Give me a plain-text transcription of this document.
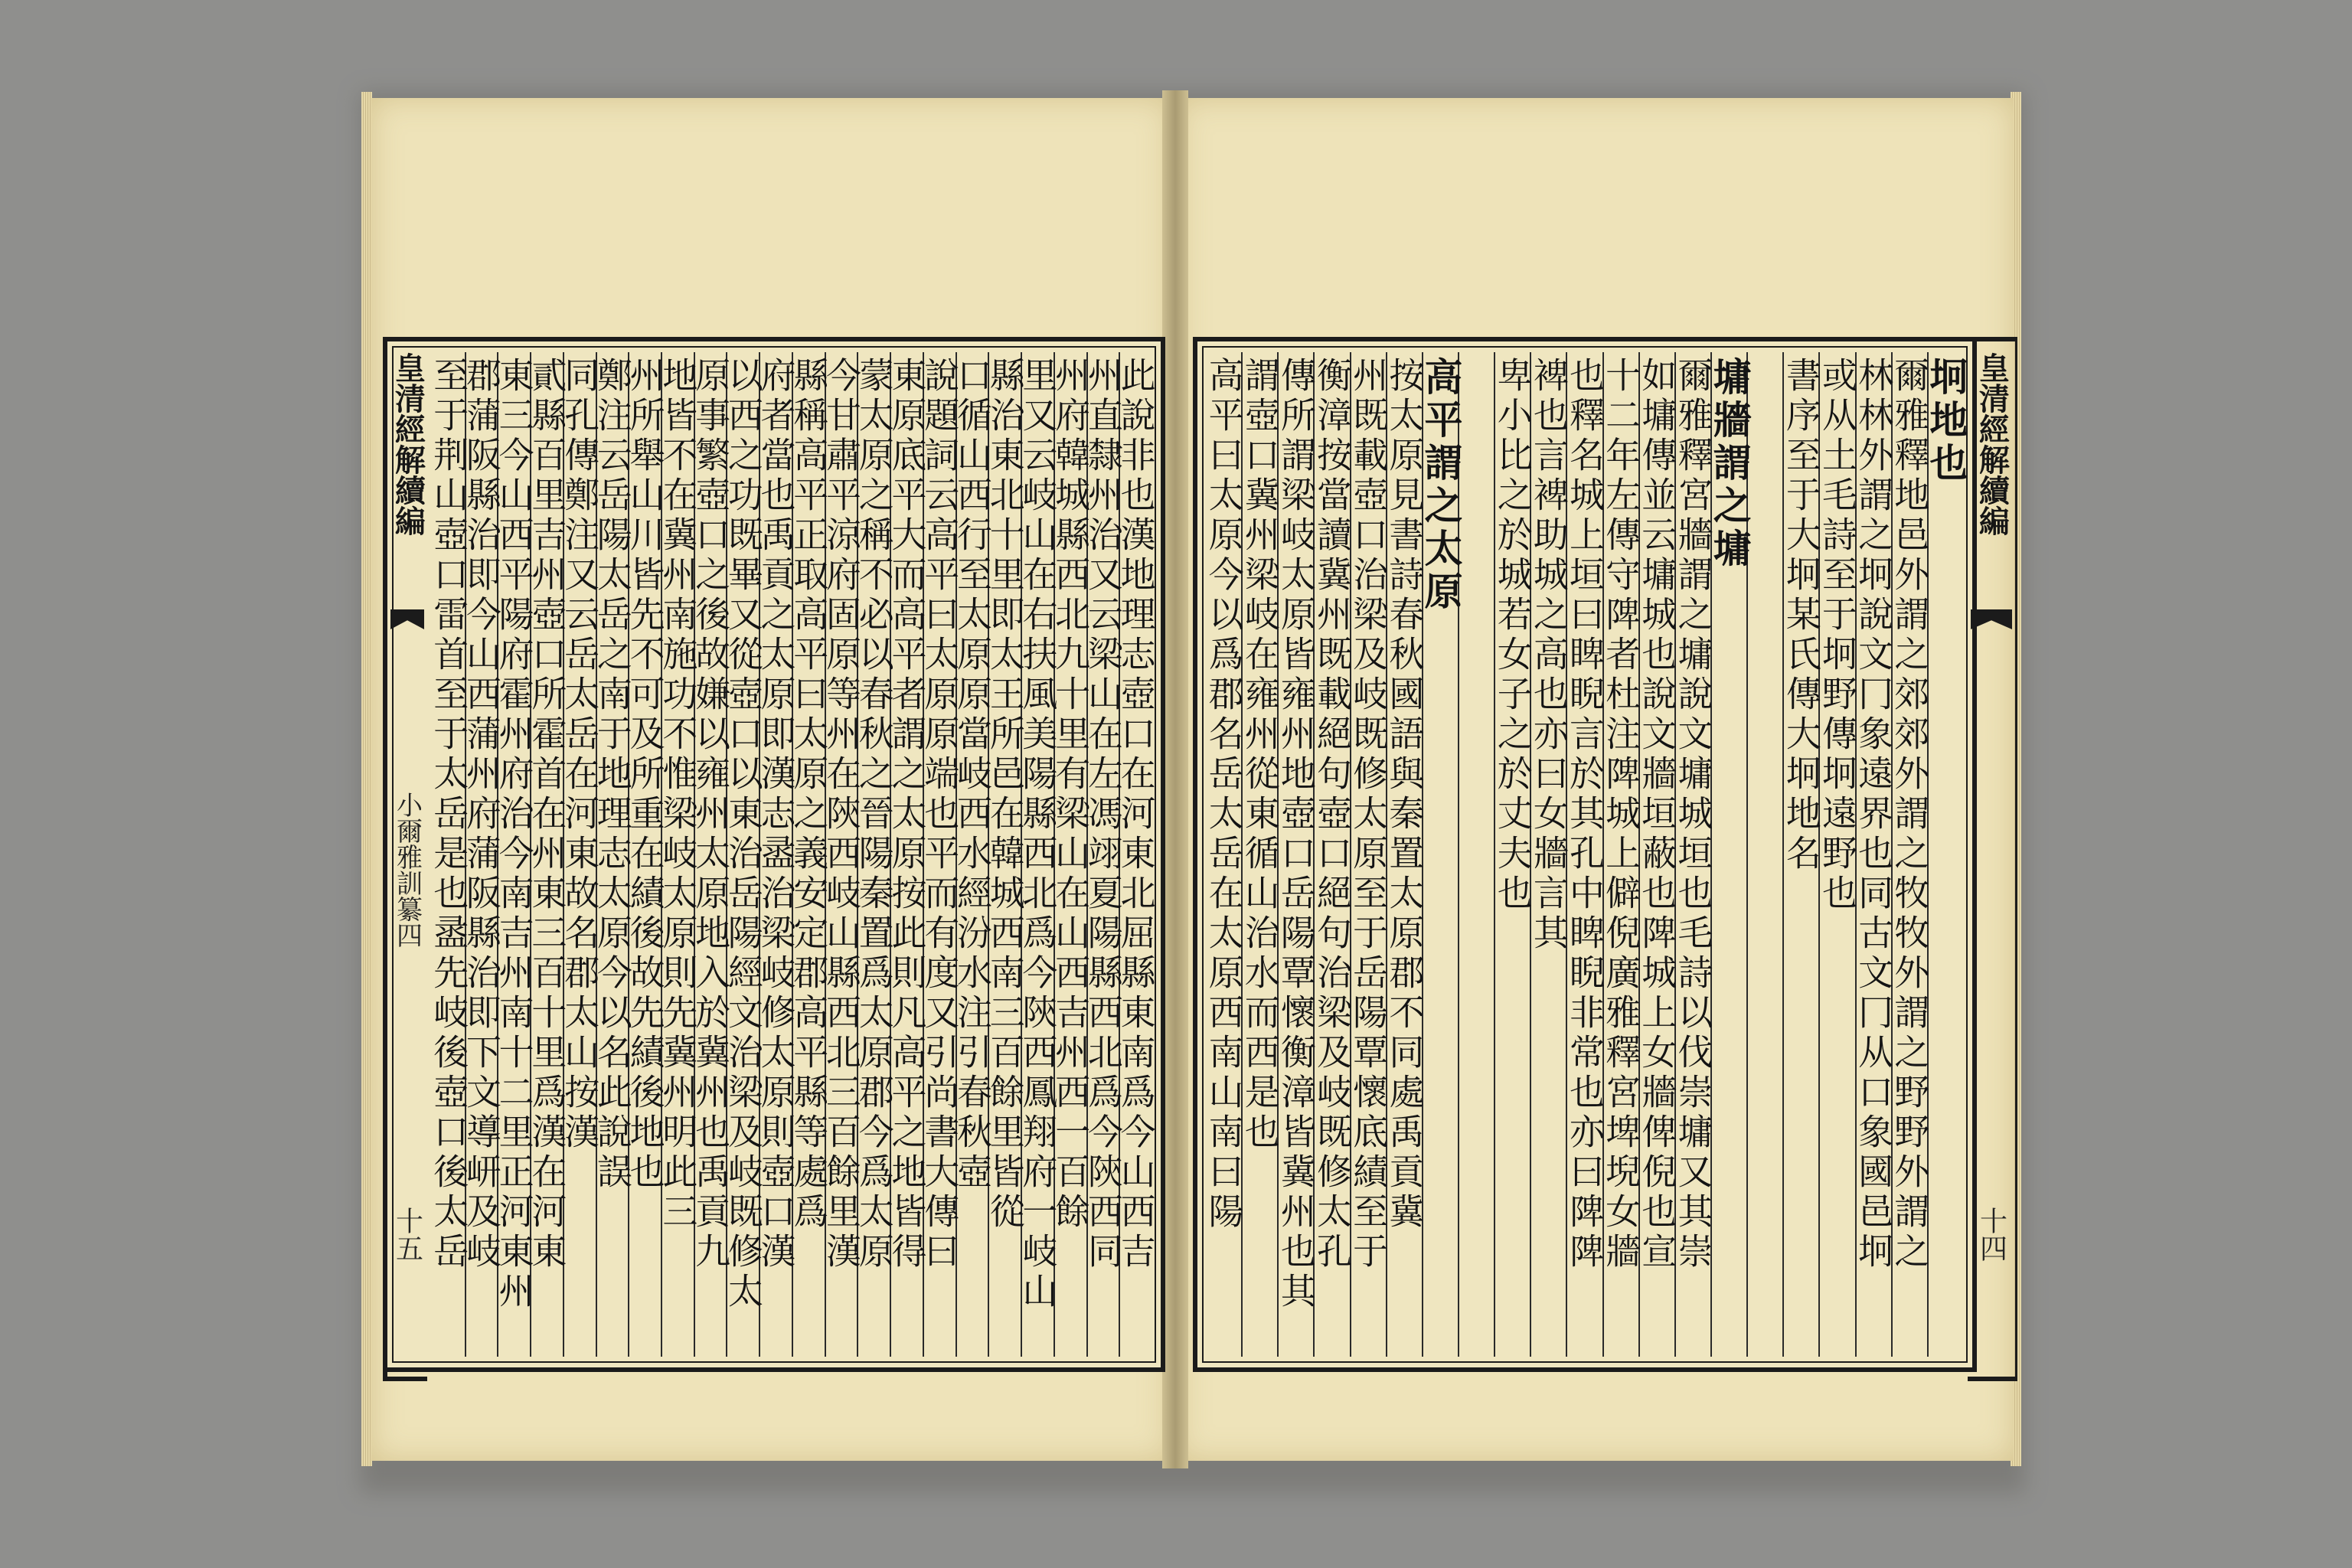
此說非也漢地理志壺口在河東北屈縣東南爲今山西吉
州直隸州治又云梁山在左馮翊夏陽縣西北爲今陝西同
州府韓城縣西北九十里有梁山在山西吉州西一百餘
里又云岐山在右扶風美陽縣西北爲今陝西鳳翔府一岐山
縣治東北十里即太王所邑在韓城西南三百餘里皆從
口循山西行至太原原當岐西水經汾水注引春秋壺
說題詞云高平曰太原原端也平而有度又引尚書大傳曰
東原底平大而高平者謂之太原按此則凡高平之地皆得
蒙太原之稱不必以春秋之晉陽秦置爲太原郡今爲太原
今甘肅平涼府固原等州在陝西岐山縣西北三百餘里漢
縣稱高平正取高平曰太原之義安定郡高平縣等處爲
府者當也禹貢之太原即漢志盝治梁岐修太原則壺口漢
以西之功既畢又從壺口以東治岳陽經文治梁及岐既修太
原事繁壺口之後故嫌以雍州太原地入於冀州也禹貢九
地皆不在冀州南施功不惟梁岐太原則先冀州明此三
州所舉山川皆先不可及所重在績後故先績後地也
鄭注云岳陽太岳之南于地理志太原今以名此說誤
同孔傳鄭注又云岳太岳在河東故名郡太山按漢
貳縣百里吉州壺口所霍首在州東三百十里爲漢在河東
東三今山西平陽府霍州府治今南吉州南十二里正河東州
郡蒲阪縣治即今山西蒲州府蒲阪縣治即下文導岍及岐
至于荆山壺口雷首至于太岳是也盝先岐後壺口後太岳
皇清經解續編
小爾雅訓纂四
十五
坰地也
爾雅釋地邑外謂之郊郊外謂之牧牧外謂之野野外謂之
林林外謂之坰說文冂象遠界也同古文冂从口象國邑坰
或从土毛詩至于坰野傳坰遠野也
書序至于大坰某氏傳大坰地名
墉牆謂之墉
爾雅釋宮牆謂之墉說文墉城垣也毛詩以伐崇墉又其崇
如墉傳並云墉城也說文牆垣蔽也陴城上女牆俾倪也宣
十二年左傳守陴者杜注陴城上僻倪廣雅釋宮埤堄女牆
也釋名城上垣曰睥睨言於其孔中睥睨非常也亦曰陴陴
裨也言裨助城之高也亦曰女牆言其
卑小比之於城若女子之於丈夫也
高平謂之太原
按太原見書詩春秋國語與秦置太原郡不同處禹貢冀
州既載壺口治梁及岐既修太原至于岳陽覃懷底績至于
衡漳按當讀冀州既載絕句壺口絕句治梁及岐既修太孔
傳所謂梁岐太原皆雍州地壺口岳陽覃懷衡漳皆冀州也其
謂壺口冀州梁岐在雍州從東循山治水而西是也
高平曰太原今以爲郡名岳太岳在太原西南山南曰陽	皇清經解續編
十四
